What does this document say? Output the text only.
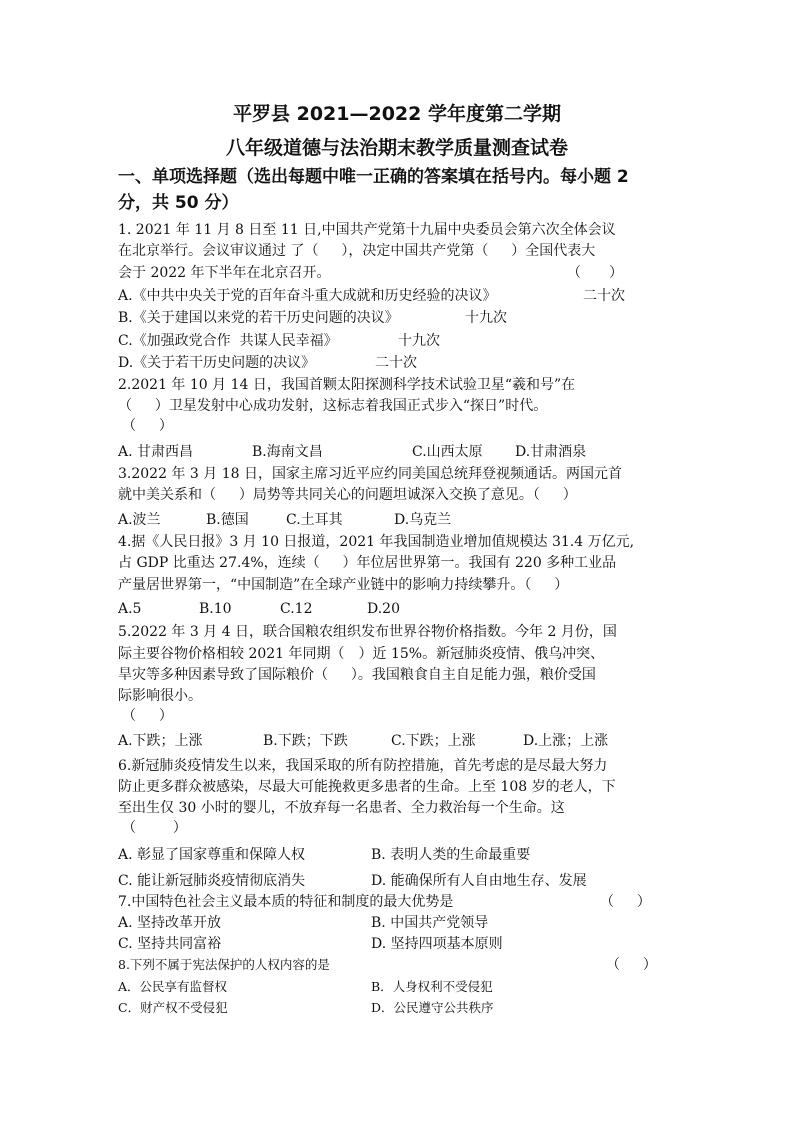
平罗县 2021—2022 学年度第二学期
八年级道德与法治期末教学质量测查试卷
一、单项选择题（选出每题中唯一正确的答案填在括号内。每小题 2
分，共 50 分）
1. 2021 年 11 月 8 日至 11 日,中国共产党第十九届中央委员会第六次全体会议
在北京举行。会议审议通过 了（　  ），决定中国共产党第（　  ）全国代表大
会于 2022 年下半年在北京召开。	（　　）
A.《中共中央关于党的百年奋斗重大成就和历史经验的决议》	二十次
B.《关于建国以来党的若干历史问题的决议》	十九次
C.《加强政党合作  共谋人民幸福》	十九次
D.《关于若干历史问题的决议》	二十次
2.2021 年 10 月 14 日，我国首颗太阳探测科学技术试验卫星“羲和号”在
（　  ）卫星发射中心成功发射，这标志着我国正式步入“探日”时代。
（　  ）
A. 甘肃西昌	B.海南文昌	C.山西太原 D.甘肃酒泉
3.2022 年 3 月 18 日，国家主席习近平应约同美国总统拜登视频通话。两国元首
就中美关系和（　  ）局势等共同关心的问题坦诚深入交换了意见。（　  ）
A.波兰	B.德国	C.土耳其	D.乌克兰
4.据《人民日报》3 月 10 日报道，2021 年我国制造业增加值规模达 31.4 万亿元,
占 GDP 比重达 27.4%，连续（　  ）年位居世界第一。我国有 220 多种工业品
产量居世界第一，“中国制造”在全球产业链中的影响力持续攀升。（　  ）
A.5	B.10	C.12	D.20
5.2022 年 3 月 4 日，联合国粮农组织发布世界谷物价格指数。今年 2 月份，国
际主要谷物价格相较 2021 年同期（　）近 15%。新冠肺炎疫情、俄乌冲突、
旱灾等多种因素导致了国际粮价（　  ）。我国粮食自主自足能力强，粮价受国
际影响很小。
（　  ）
A.下跌；上涨	B.下跌；下跌	C.下跌；上涨	D.上涨；上涨
6.新冠肺炎疫情发生以来，我国采取的所有防控措施，首先考虑的是尽最大努力
防止更多群众被感染，尽最大可能挽救更多患者的生命。上至 108 岁的老人，下
至出生仅 30 小时的婴儿，不放弃每一名患者、全力救治每一个生命。这
（　　  ）
A. 彰显了国家尊重和保障人权	B. 表明人类的生命最重要
C. 能让新冠肺炎疫情彻底消失	D. 能确保所有人自由地生存、发展
7.中国特色社会主义最本质的特征和制度的最大优势是	（　  ）
A. 坚持改革开放	B. 中国共产党领导
C. 坚持共同富裕	D. 坚持四项基本原则
8.下列不属于宪法保护的人权内容的是	（　  ）
A．公民享有监督权	B．人身权利不受侵犯
C．财产权不受侵犯	D．公民遵守公共秩序
